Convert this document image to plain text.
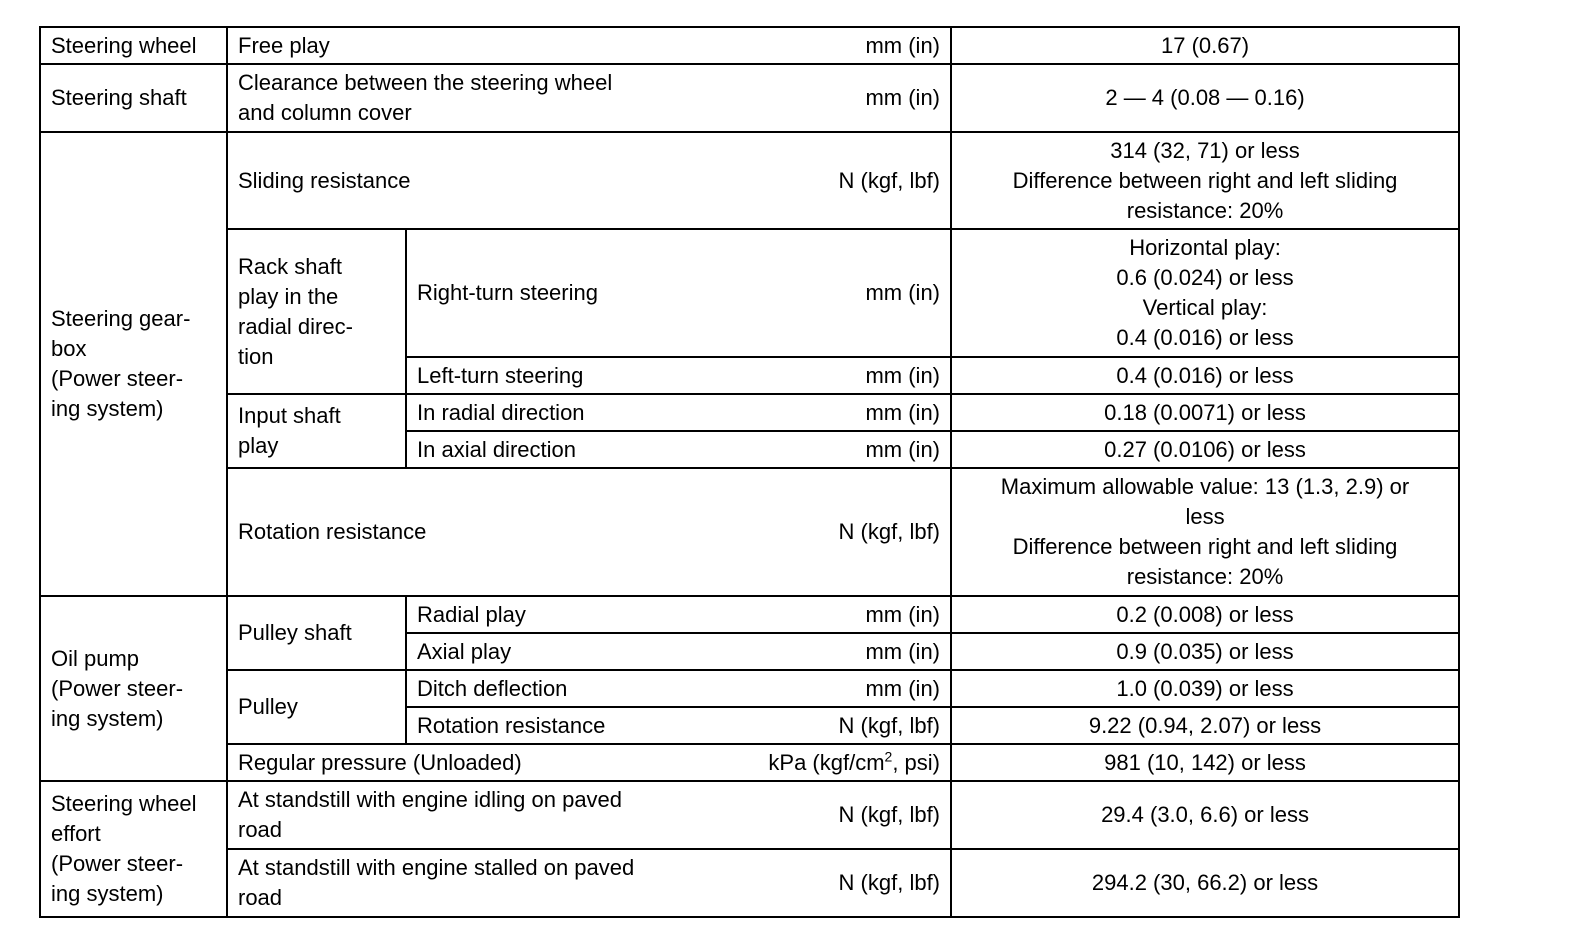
Steering wheel	Free play mm (in)		17 (0.67)
Steering shaft	Clearance between the steering wheel
and column cover
mm (in)		2 — 4 (0.08 — 0.16)

Steering gear-
box
(Power steer-
ing system)	Sliding resistance N (kgf, lbf)		314 (32, 71) or less
Difference between right and left sliding
resistance: 20%

	Rack shaft
play in the
radial direc-
tion	Right-turn steering mm (in)	Horizontal play:
0.6 (0.024) or less
Vertical play:
0.4 (0.016) or less

		Left-turn steering mm (in)	0.4 (0.016) or less

	Input shaft
play	In radial direction mm (in)	0.18 (0.0071) or less

		In axial direction mm (in)	0.27 (0.0106) or less

	Rotation resistance N (kgf, lbf)		Maximum allowable value: 13 (1.3, 2.9) or
less
Difference between right and left sliding
resistance: 20%

Oil pump
(Power steer-
ing system)	Pulley shaft	Radial play mm (in)	0.2 (0.008) or less

		Axial play mm (in)	0.9 (0.035) or less
	Pulley	Ditch deflection mm (in)	1.0 (0.039) or less

		Rotation resistance N (kgf, lbf)	9.22 (0.94, 2.07) or less

	Regular pressure (Unloaded) kPa ($kgf/cm^2$, psi)		981 (10, 142) or less

Steering wheel
effort
(Power steer-
ing system)	At standstill with engine idling on paved
road
N (kgf, lbf)		29.4 (3.0, 6.6) or less

	At standstill with engine stalled on paved
road
N (kgf, lbf)		294.2 (30, 66.2) or less
